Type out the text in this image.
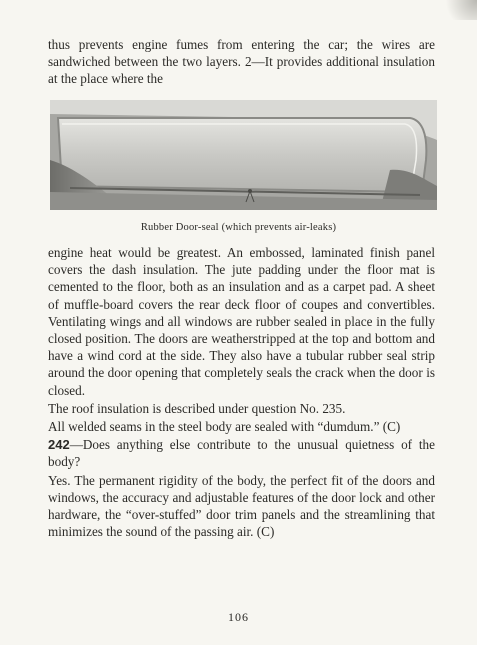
thus prevents engine fumes from entering the car; the wires are sandwiched between the two layers. 2—It provides additional insulation at the place where the

Rubber Door-seal (which prevents air-leaks)

engine heat would be greatest. An embossed, laminated finish panel covers the dash insulation. The jute padding under the floor mat is cemented to the floor, both as an insulation and as a carpet pad. A sheet of muffle-board covers the rear deck floor of coupes and convertibles. Ventilating wings and all windows are rubber sealed in place in the fully closed position. The doors are weatherstripped at the top and bottom and have a wind cord at the side. They also have a tubular rubber seal strip around the door opening that completely seals the crack when the door is closed.

The roof insulation is described under question No. 235.

All welded seams in the steel body are sealed with “dumdum.” (C)

242—Does anything else contribute to the unusual quietness of the body?

Yes. The permanent rigidity of the body, the perfect fit of the doors and windows, the accuracy and adjustable features of the door lock and other hardware, the “over-stuffed” door trim panels and the streamlining that minimizes the sound of the passing air. (C)

106
